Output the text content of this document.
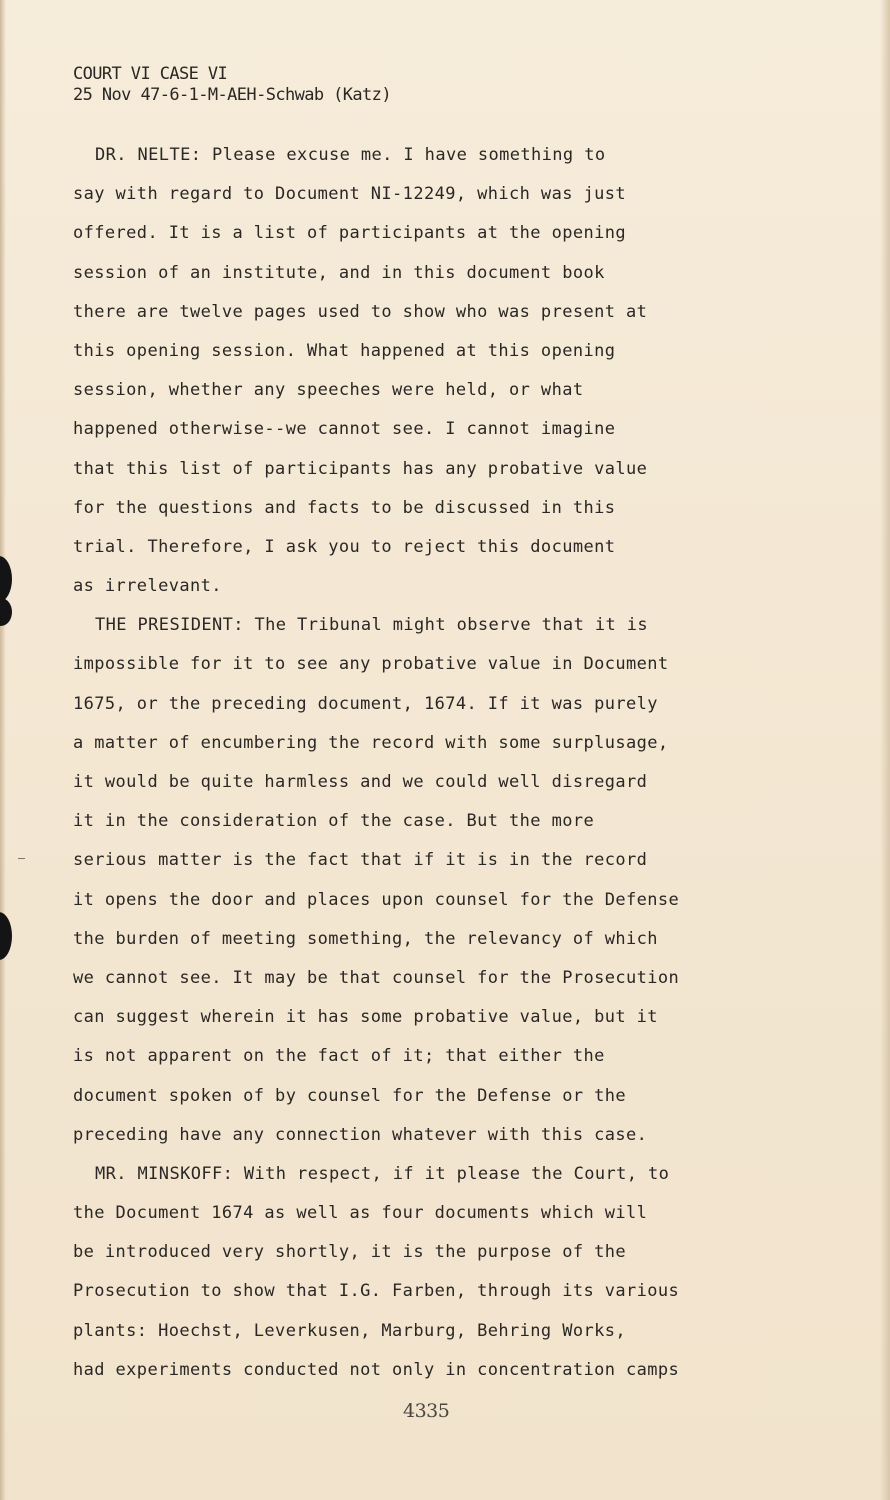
COURT VI CASE VI
25 Nov 47-6-1-M-AEH-Schwab (Katz)
DR. NELTE: Please excuse me. I have something to
say with regard to Document NI-12249, which was just
offered. It is a list of participants at the opening
session of an institute, and in this document book
there are twelve pages used to show who was present at
this opening session. What happened at this opening
session, whether any speeches were held, or what
happened otherwise--we cannot see. I cannot imagine
that this list of participants has any probative value
for the questions and facts to be discussed in this
trial. Therefore, I ask you to reject this document
as irrelevant.
THE PRESIDENT: The Tribunal might observe that it is
impossible for it to see any probative value in Document
1675, or the preceding document, 1674. If it was purely
a matter of encumbering the record with some surplusage,
it would be quite harmless and we could well disregard
it in the consideration of the case. But the more
serious matter is the fact that if it is in the record
it opens the door and places upon counsel for the Defense
the burden of meeting something, the relevancy of which
we cannot see. It may be that counsel for the Prosecution
can suggest wherein it has some probative value, but it
is not apparent on the fact of it; that either the
document spoken of by counsel for the Defense or the
preceding have any connection whatever with this case.
MR. MINSKOFF: With respect, if it please the Court, to
the Document 1674 as well as four documents which will
be introduced very shortly, it is the purpose of the
Prosecution to show that I.G. Farben, through its various
plants: Hoechst, Leverkusen, Marburg, Behring Works,
had experiments conducted not only in concentration camps
4335
